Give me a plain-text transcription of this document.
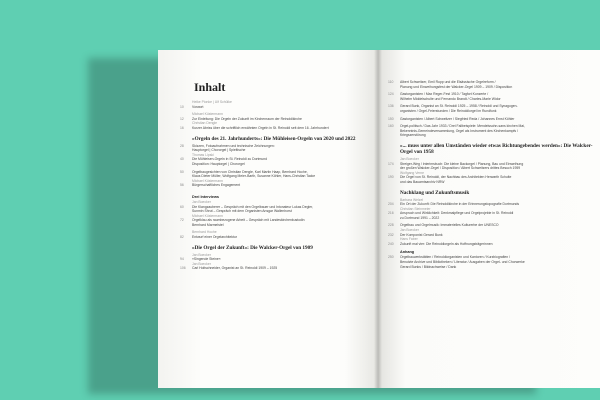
Inhalt
Heike Pionke | Ulf Schülke
10	Vorwort
Michael Küstermann
12	Zur Einleitung: Die Orgeln der Zukunft im Kirchenraum der Reinoldikirche
Christian Dengle
16	Kurzer Abriss über die schriftlich erwähnten Orgeln in St. Reinoldi seit dem 16. Jahrhundert
»Orgeln des 21. Jahrhunderts«: Die Mühleisen-Orgeln von 2020 und 2022
28	Skizzen, Fotoaufnahmen und technische Zeichnungen:
Hauptorgel | Chororgel | Spieltische
Thomas Lipski
40	Die Mühleisen-Orgeln in St. Reinoldi zu Dortmund
Disposition: Hauptorgel | Chororgel
50	Orgelbaugesichten von Christian Dengle, Karl Martin Haap, Bernhard Hoche,
Klaus Dieter Müller, Wolfgang Meier-Barth, Susanne Köhler, Hans-Christian Tacke
Michael Küstermann
56	Bürgerschaftliches Engagement
Drei Interviews
Jan Boecker
60	Die Klangzauberer – Gespräch mit den Orgelbauer und Intonateur Lukas Degler,
Sunmin Shrut – Gespräch mit dem Organisten Ansgar Wallenhorst
Michael Küstermann
72	Orgelklau als raumbezogene Arbeit – Gespräch mit Landeskirchenkustodin
Bernhard Marmelstel
Bernhard Hoche
82	Entwurf einer Orgelarchitektur
»Die Orgel der Zukunft«: Die Walcker-Orgel von 1909
Jan Boecker
94	»Singende Steine«
Jan Boecker
106	Carl Holtschneider, Organist an St. Reinoldi 1909 – 1925
110	Albert Schweitzer, Emil Rupp und die Elsässische Orgelreform /
Planung und Einweihungsfest der Walcker-Orgel 1909 – 1909 / Disposition
124	Gastorganisten / Max Reger-Fest 1910 / Tagfort Konzerte /
Wilhelm Middelschulte und Fernando Brandt / Charles-Marie Widor
136	Gerard Bunk, Organist an St. Reinoldi 1925 – 1958 / Reinoldi und Synagogen-
organisten / Orgel-Feierstunden / Die Reinoldiorgel im Rundfunk
150	Gastorganisten / Albert Schweitzer / Siegfried Reda / Johannes Ernst Köhler
160	Orgel-politisch / Das Jahr 1933 / Drei Fallbeispiele: Mendelssohn-sans kirchen Mai,
Bekenntnis-Gemeindeversammlung, Orgel als Instrument des Kirchenkampfs /
Kriegszerstörung
»... muss unter allen Umständen wieder etwas Richtungebendes werden«: Die Walcker-Orgel von 1958
Jan Boecker
174	Streiger-Weg / Interimsbuch: Die kleine Backorgel / Planung, Bau und Einweihung
der großen Walcker-Orgel / Disposition / Albert Schweitzers drittes Besuch 1959
Wolfgang Verne
190	Die Orgel von St. Reinoldi, der Nachbau des Architekten Herwarth Schulte
und das Bauamtsarchiv NRW
Nachklang und Zukunftsmusik
Barbara Welzel
204	Ein Ort der Zukunft: Die Reinoldikirche in der Erinnerungstopografie Dortmunds
Christian Steinmeier
216	Anspruch und Wirklichkeit: Denkmalpflege und Orgelprojekte in St. Reinoldi
zu Dortmund 1991 – 2022
228	Orgelbau und Orgelmusik: Immaterielles Kulturerbe der UNESCO
Jan Boecker
232	Der Komponist Gerard Bunk
Hans Faber
240	Zukunft mal vier: Die Reinoldiorgeln als Hoffnungsträgerinnen
Anhang
250	Orgelbauwerkstätten / Reinoldiorganisten und Kantoren / Kurzbiografien /
Benutzte Archive und Bibliotheken / Literatur / Ausgaben der Orgel- und Chorwerke
Gerard Bunks / Bildnachweise / Dank
